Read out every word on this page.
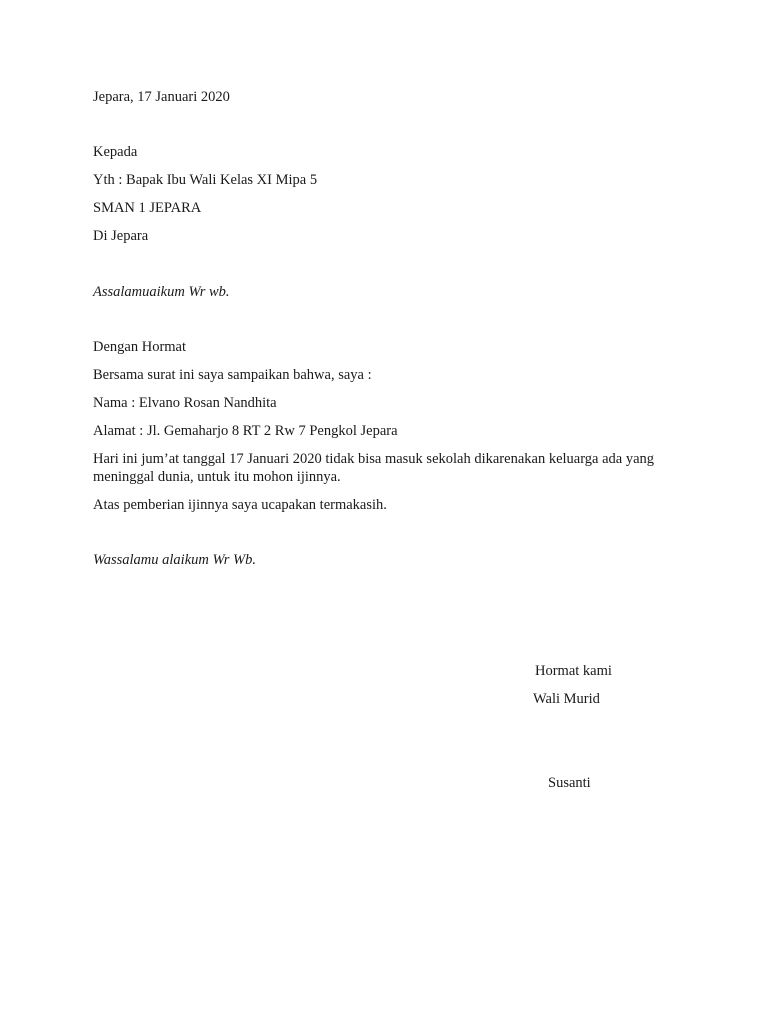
Jepara, 17 Januari 2020
Kepada
Yth : Bapak Ibu Wali Kelas XI Mipa 5
SMAN 1 JEPARA
Di Jepara
Assalamuaikum Wr wb.
Dengan Hormat
Bersama surat ini saya sampaikan bahwa, saya :
Nama : Elvano Rosan Nandhita
Alamat : Jl. Gemaharjo 8 RT 2 Rw 7 Pengkol Jepara
Hari ini jum’at tanggal 17 Januari 2020 tidak bisa masuk sekolah dikarenakan keluarga ada yang meninggal dunia, untuk itu mohon ijinnya.
Atas pemberian ijinnya saya ucapakan termakasih.
Wassalamu alaikum Wr Wb.
Hormat kami
Wali Murid
Susanti
